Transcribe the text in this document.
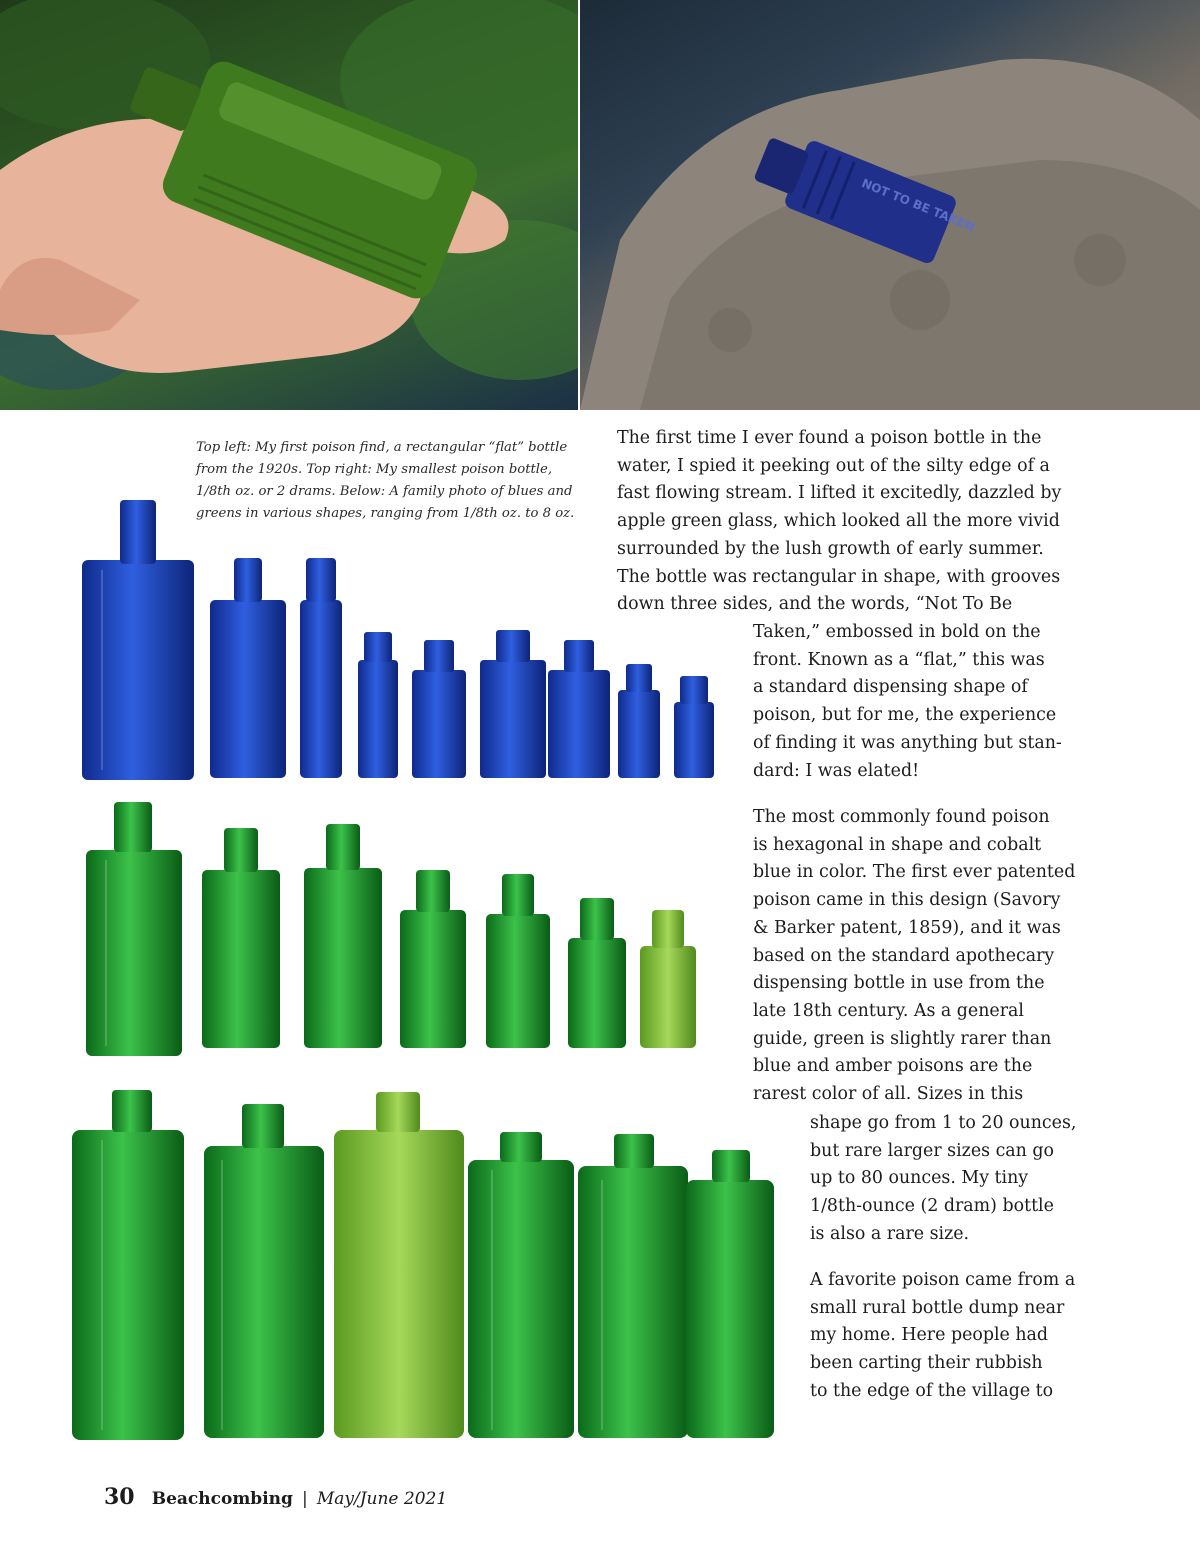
NOT TO BE TAKEN

Top left: My first poison find, a rectangular “flat” bottle
from the 1920s. Top right: My smallest poison bottle,
1/8th oz. or 2 drams. Below: A family photo of blues and
greens in various shapes, ranging from 1/8th oz. to 8 oz.

The first time I ever found a poison bottle in the
water, I spied it peeking out of the silty edge of a
fast flowing stream. I lifted it excitedly, dazzled by
apple green glass, which looked all the more vivid
surrounded by the lush growth of early summer.
The bottle was rectangular in shape, with grooves
down three sides, and the words, “Not To Be
Taken,” embossed in bold on the
front. Known as a “flat,” this was
a standard dispensing shape of
poison, but for me, the experience
of finding it was anything but stan-
dard: I was elated!
The most commonly found poison
is hexagonal in shape and cobalt
blue in color. The first ever patented
poison came in this design (Savory
& Barker patent, 1859), and it was
based on the standard apothecary
dispensing bottle in use from the
late 18th century. As a general
guide, green is slightly rarer than
blue and amber poisons are the
rarest color of all. Sizes in this
shape go from 1 to 20 ounces,
but rare larger sizes can go
up to 80 ounces. My tiny
1/8th-ounce (2 dram) bottle
is also a rare size.
A favorite poison came from a
small rural bottle dump near
my home. Here people had
been carting their rubbish
to the edge of the village to
30 Beachcombing | May/June 2021
